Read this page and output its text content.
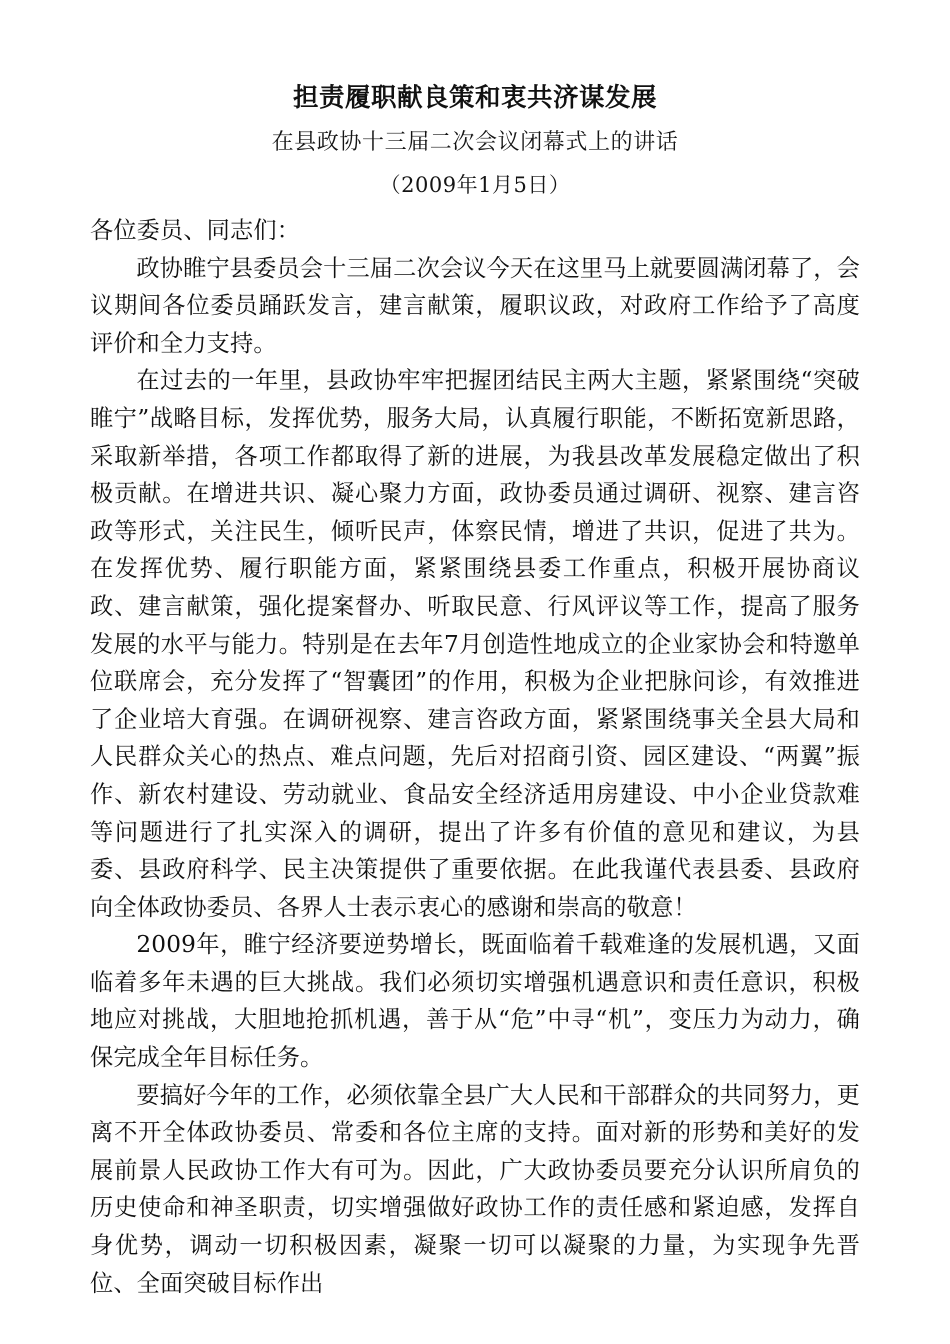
担责履职献良策和衷共济谋发展
在县政协十三届二次会议闭幕式上的讲话
（2009年1月5日）

各位委员、同志们：

政协睢宁县委员会十三届二次会议今天在这里马上就要圆满闭幕了，会议期间各位委员踊跃发言，建言献策，履职议政，对政府工作给予了高度评价和全力支持。

在过去的一年里，县政协牢牢把握团结民主两大主题，紧紧围绕“突破睢宁”战略目标，发挥优势，服务大局，认真履行职能，不断拓宽新思路，采取新举措，各项工作都取得了新的进展，为我县改革发展稳定做出了积极贡献。在增进共识、凝心聚力方面，政协委员通过调研、视察、建言咨政等形式，关注民生，倾听民声，体察民情，增进了共识，促进了共为。在发挥优势、履行职能方面，紧紧围绕县委工作重点，积极开展协商议政、建言献策，强化提案督办、听取民意、行风评议等工作，提高了服务发展的水平与能力。特别是在去年7月创造性地成立的企业家协会和特邀单位联席会，充分发挥了“智囊团”的作用，积极为企业把脉问诊，有效推进了企业培大育强。在调研视察、建言咨政方面，紧紧围绕事关全县大局和人民群众关心的热点、难点问题，先后对招商引资、园区建设、“两翼”振作、新农村建设、劳动就业、食品安全经济适用房建设、中小企业贷款难等问题进行了扎实深入的调研，提出了许多有价值的意见和建议，为县委、县政府科学、民主决策提供了重要依据。在此我谨代表县委、县政府向全体政协委员、各界人士表示衷心的感谢和崇高的敬意！

2009年，睢宁经济要逆势增长，既面临着千载难逢的发展机遇，又面临着多年未遇的巨大挑战。我们必须切实增强机遇意识和责任意识，积极地应对挑战，大胆地抢抓机遇，善于从“危”中寻“机”，变压力为动力，确保完成全年目标任务。

要搞好今年的工作，必须依靠全县广大人民和干部群众的共同努力，更离不开全体政协委员、常委和各位主席的支持。面对新的形势和美好的发展前景人民政协工作大有可为。因此，广大政协委员要充分认识所肩负的历史使命和神圣职责，切实增强做好政协工作的责任感和紧迫感，发挥自身优势，调动一切积极因素，凝聚一切可以凝聚的力量，为实现争先晋位、全面突破目标作出
